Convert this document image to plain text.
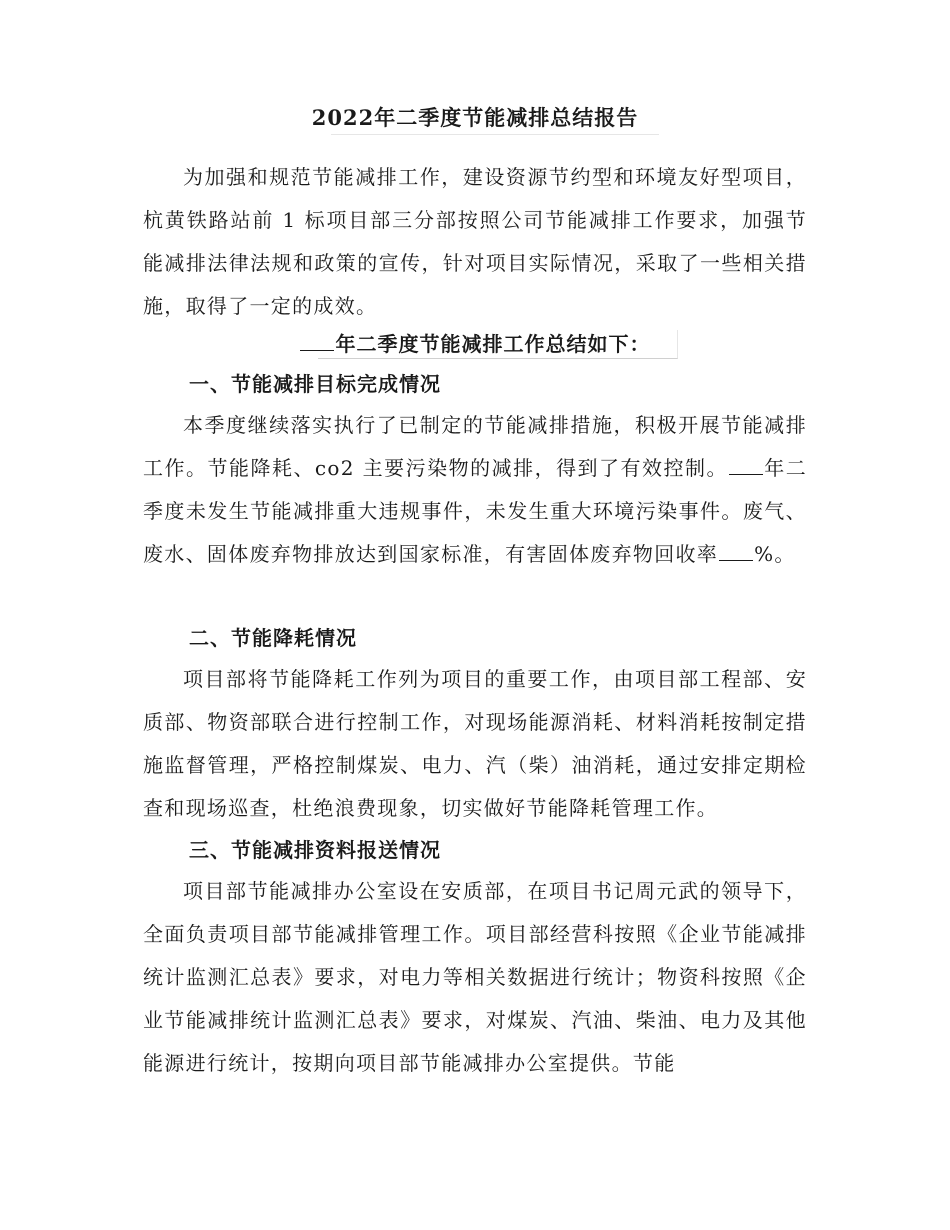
2022年二季度节能减排总结报告
为加强和规范节能减排工作，建设资源节约型和环境友好型项目，杭黄铁路站前 1 标项目部三分部按照公司节能减排工作要求，加强节能减排法律法规和政策的宣传，针对项目实际情况，采取了一些相关措施，取得了一定的成效。
年二季度节能减排工作总结如下：
一、节能减排目标完成情况
本季度继续落实执行了已制定的节能减排措施，积极开展节能减排工作。节能降耗、co2 主要污染物的减排，得到了有效控制。 年二季度未发生节能减排重大违规事件，未发生重大环境污染事件。废气、废水、固体废弃物排放达到国家标准，有害固体废弃物回收率 %。
二、节能降耗情况
项目部将节能降耗工作列为项目的重要工作，由项目部工程部、安质部、物资部联合进行控制工作，对现场能源消耗、材料消耗按制定措施监督管理，严格控制煤炭、电力、汽（柴）油消耗，通过安排定期检查和现场巡查，杜绝浪费现象，切实做好节能降耗管理工作。
三、节能减排资料报送情况
项目部节能减排办公室设在安质部，在项目书记周元武的领导下，全面负责项目部节能减排管理工作。项目部经营科按照《企业节能减排统计监测汇总表》要求，对电力等相关数据进行统计；物资科按照《企业节能减排统计监测汇总表》要求，对煤炭、汽油、柴油、电力及其他能源进行统计，按期向项目部节能减排办公室提供。节能
